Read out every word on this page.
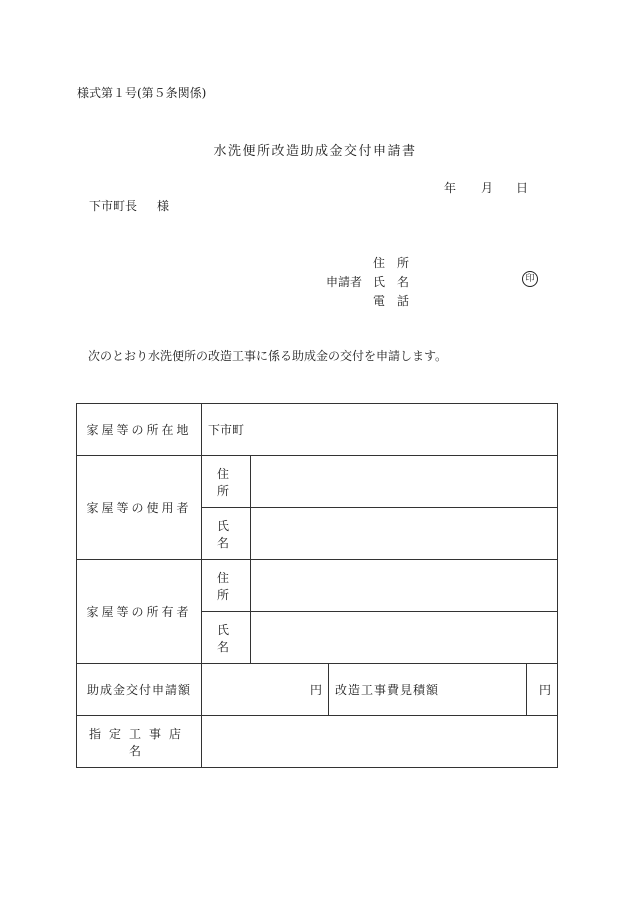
様式第１号(第５条関係)
水洗便所改造助成金交付申請書
年 月 日
下市町長 様
申請者
住　所
氏　名
電　話
印
次のとおり水洗便所の改造工事に係る助成金の交付を申請します。
家屋等の所在地	下市町			
家屋等の使用者	住　所			
	氏　名			
家屋等の所有者	住　所			
	氏　名			
助成金交付申請額	円		改造工事費見積額	円
指定工事店名				
